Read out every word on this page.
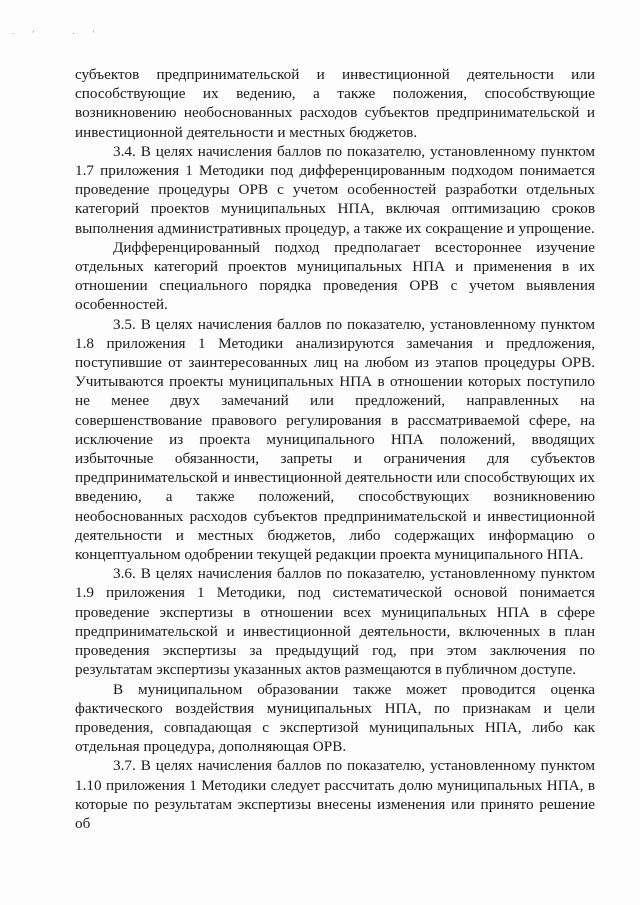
·' ·'

субъектов предпринимательской и инвестиционной деятельности или способствующие их ведению, а также положения, способствующие возникновению необоснованных расходов субъектов предпринимательской и инвестиционной деятельности и местных бюджетов.

3.4. В целях начисления баллов по показателю, установленному пунктом 1.7 приложения 1 Методики под дифференцированным подходом понимается проведение процедуры ОРВ с учетом особенностей разработки отдельных категорий проектов муниципальных НПА, включая оптимизацию сроков выполнения административных процедур, а также их сокращение и упрощение.

Дифференцированный подход предполагает всестороннее изучение отдельных категорий проектов муниципальных НПА и применения в их отношении специального порядка проведения ОРВ с учетом выявления особенностей.

3.5. В целях начисления баллов по показателю, установленному пунктом 1.8 приложения 1 Методики анализируются замечания и предложения, поступившие от заинтересованных лиц на любом из этапов процедуры ОРВ. Учитываются проекты муниципальных НПА в отношении которых поступило не менее двух замечаний или предложений, направленных на совершенствование правового регулирования в рассматриваемой сфере, на исключение из проекта муниципального НПА положений, вводящих избыточные обязанности, запреты и ограничения для субъектов предпринимательской и инвестиционной деятельности или способствующих их введению, а также положений, способствующих возникновению необоснованных расходов субъектов предпринимательской и инвестиционной деятельности и местных бюджетов, либо содержащих информацию о концептуальном одобрении текущей редакции проекта муниципального НПА.

3.6. В целях начисления баллов по показателю, установленному пунктом 1.9 приложения 1 Методики, под систематической основой понимается проведение экспертизы в отношении всех муниципальных НПА в сфере предпринимательской и инвестиционной деятельности, включенных в план проведения экспертизы за предыдущий год, при этом заключения по результатам экспертизы указанных актов размещаются в публичном доступе.

В муниципальном образовании также может проводится оценка фактического воздействия муниципальных НПА, по признакам и цели проведения, совпадающая с экспертизой муниципальных НПА, либо как отдельная процедура, дополняющая ОРВ.

3.7. В целях начисления баллов по показателю, установленному пунктом 1.10 приложения 1 Методики следует рассчитать долю муниципальных НПА, в которые по результатам экспертизы внесены изменения или принято решение об
